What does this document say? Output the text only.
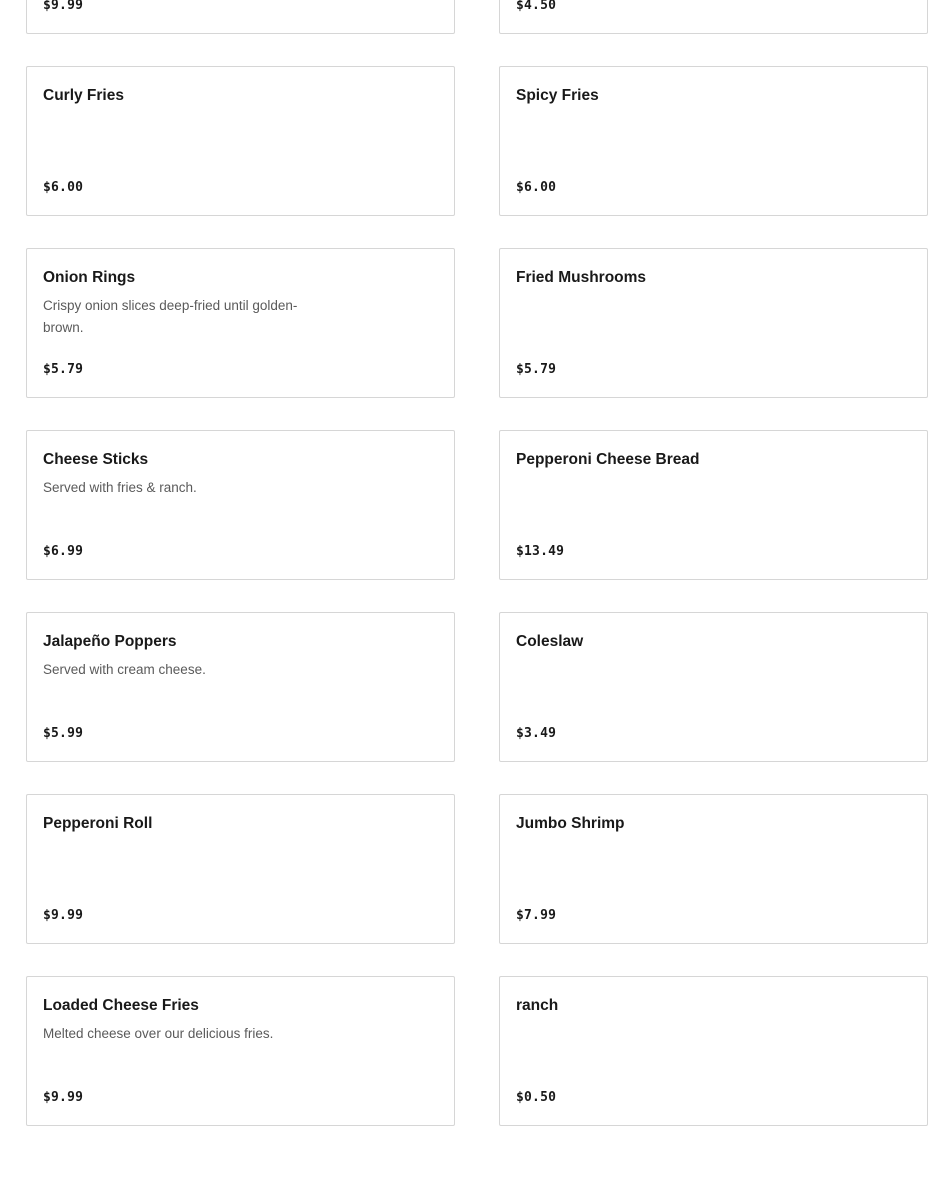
$9.99	$4.50
Curly Fries
$6.00
Spicy Fries
$6.00
Onion Rings
Crispy onion slices deep-fried until golden-brown.
$5.79
Fried Mushrooms
$5.79
Cheese Sticks
Served with fries & ranch.
$6.99
Pepperoni Cheese Bread
$13.49
Jalapeño Poppers
Served with cream cheese.
$5.99
Coleslaw
$3.49
Pepperoni Roll
$9.99
Jumbo Shrimp
$7.99
Loaded Cheese Fries
Melted cheese over our delicious fries.
$9.99
ranch
$0.50
